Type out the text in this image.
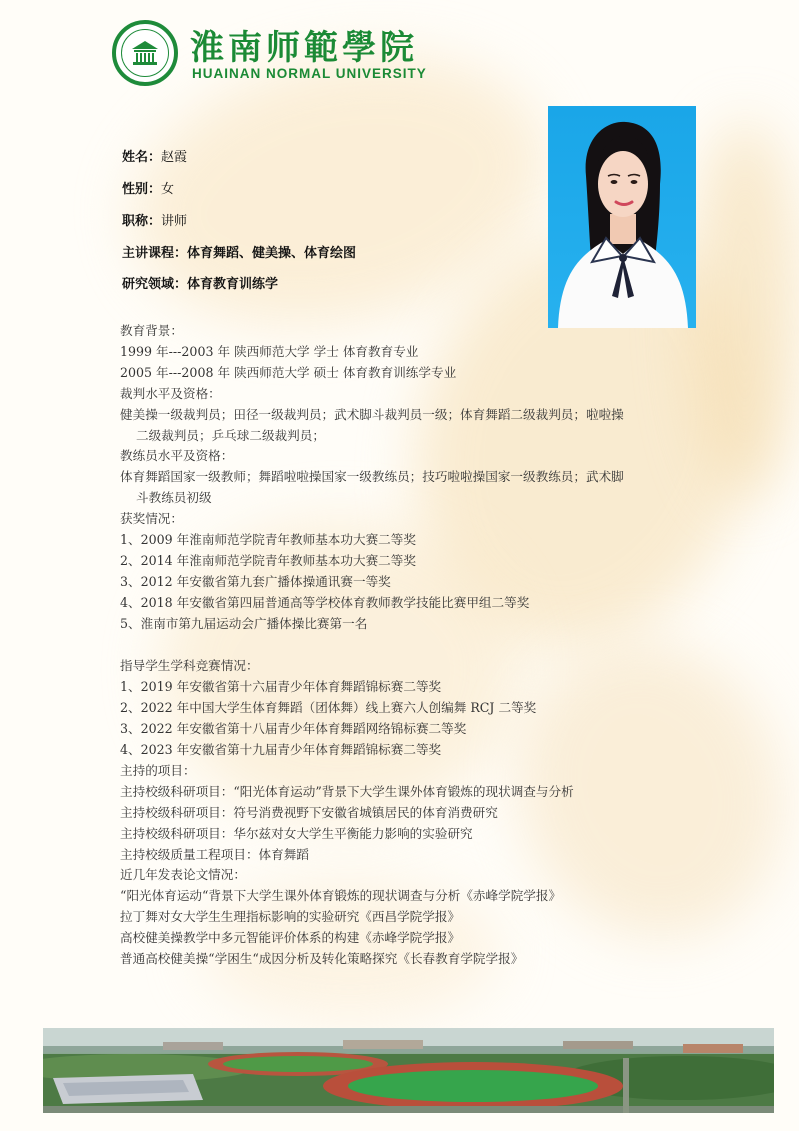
淮南师範學院
HUAINAN NORMAL UNIVERSITY
姓名：赵霞
性别：女
职称：讲师
主讲课程：体育舞蹈、健美操、体育绘图
研究领域：体育教育训练学
教育背景：
1999 年---2003 年 陕西师范大学 学士 体育教育专业
2005 年---2008 年 陕西师范大学 硕士 体育教育训练学专业
裁判水平及资格：
健美操一级裁判员；田径一级裁判员；武术脚斗裁判员一级；体育舞蹈二级裁判员；啦啦操
二级裁判员；乒乓球二级裁判员；
教练员水平及资格：
体育舞蹈国家一级教师；舞蹈啦啦操国家一级教练员；技巧啦啦操国家一级教练员；武术脚
斗教练员初级
获奖情况：
1、2009 年淮南师范学院青年教师基本功大赛二等奖
2、2014 年淮南师范学院青年教师基本功大赛二等奖
3、2012 年安徽省第九套广播体操通讯赛一等奖
4、2018 年安徽省第四届普通高等学校体育教师教学技能比赛甲组二等奖
5、淮南市第九届运动会广播体操比赛第一名
指导学生学科竞赛情况：
1、2019 年安徽省第十六届青少年体育舞蹈锦标赛二等奖
2、2022 年中国大学生体育舞蹈（团体舞）线上赛六人创编舞 RCJ 二等奖
3、2022 年安徽省第十八届青少年体育舞蹈网络锦标赛二等奖
4、2023 年安徽省第十九届青少年体育舞蹈锦标赛二等奖
主持的项目：
主持校级科研项目：“阳光体育运动”背景下大学生课外体育锻炼的现状调查与分析
主持校级科研项目：符号消费视野下安徽省城镇居民的体育消费研究
主持校级科研项目：华尔兹对女大学生平衡能力影响的实验研究
主持校级质量工程项目：体育舞蹈
近几年发表论文情况：
“阳光体育运动“背景下大学生课外体育锻炼的现状调查与分析《赤峰学院学报》
拉丁舞对女大学生生理指标影响的实验研究《西昌学院学报》
高校健美操教学中多元智能评价体系的构建《赤峰学院学报》
普通高校健美操“学困生“成因分析及转化策略探究《长春教育学院学报》
